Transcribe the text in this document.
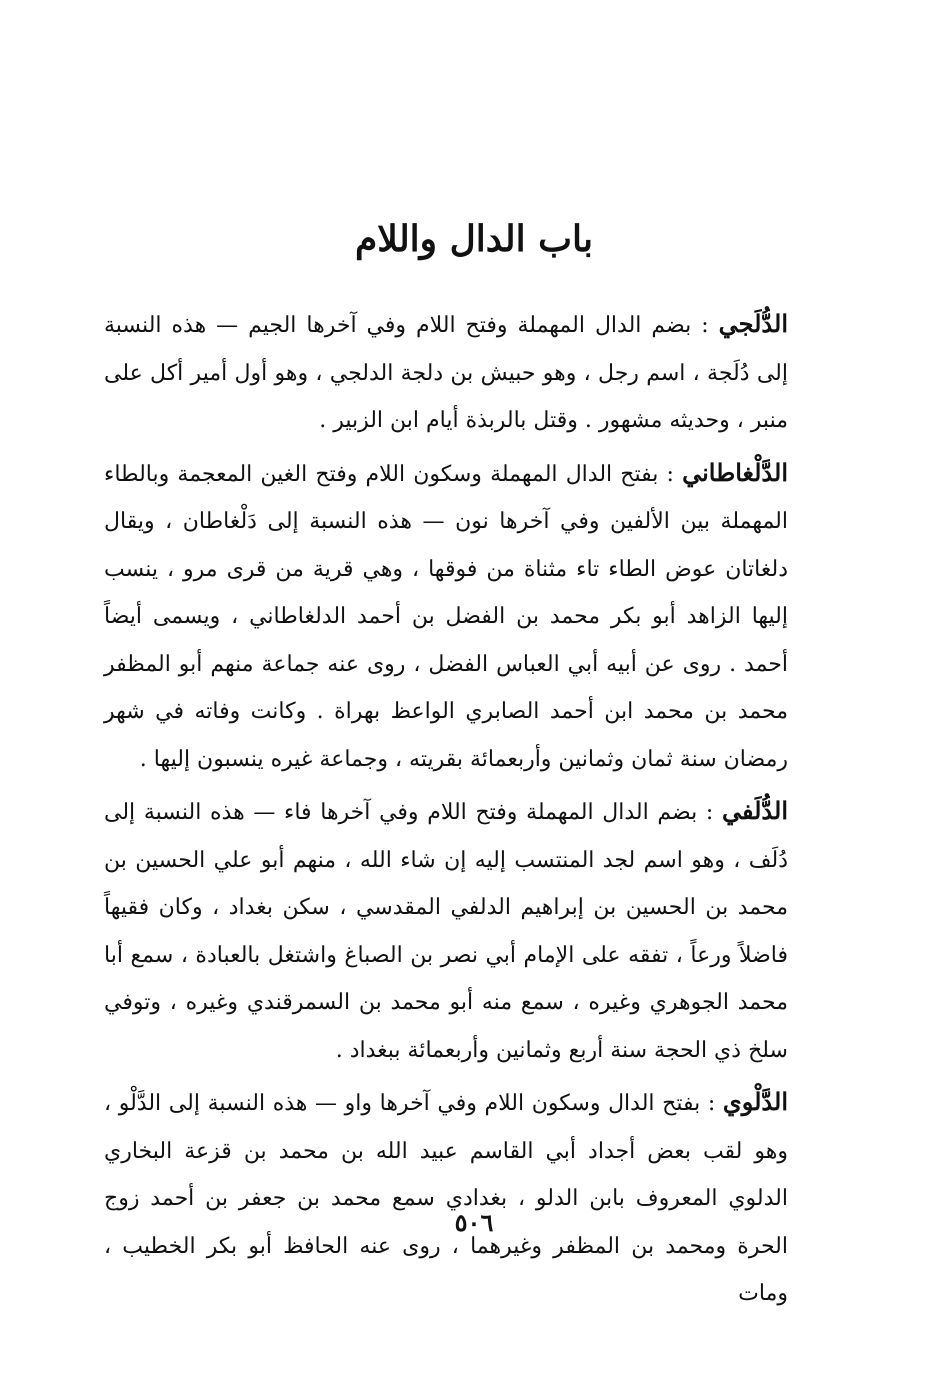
باب الدال واللام

الدُّلَجي : بضم الدال المهملة وفتح اللام وفي آخرها الجيم — هذه النسبة إلى دُلَجة ، اسم رجل ، وهو حبيش بن دلجة الدلجي ، وهو أول أمير أكل على منبر ، وحديثه مشهور . وقتل بالربذة أيام ابن الزبير .

الدَّلْغاطاني : بفتح الدال المهملة وسكون اللام وفتح الغين المعجمة وبالطاء المهملة بين الألفين وفي آخرها نون — هذه النسبة إلى دَلْغاطان ، ويقال دلغاتان عوض الطاء تاء مثناة من فوقها ، وهي قرية من قرى مرو ، ينسب إليها الزاهد أبو بكر محمد بن الفضل بن أحمد الدلغاطاني ، ويسمى أيضاً أحمد . روى عن أبيه أبي العباس الفضل ، روى عنه جماعة منهم أبو المظفر محمد بن محمد ابن أحمد الصابري الواعظ بهراة . وكانت وفاته في شهر رمضان سنة ثمان وثمانين وأربعمائة بقريته ، وجماعة غيره ينسبون إليها .

الدُّلَفي : بضم الدال المهملة وفتح اللام وفي آخرها فاء — هذه النسبة إلى دُلَف ، وهو اسم لجد المنتسب إليه إن شاء الله ، منهم أبو علي الحسين بن محمد بن الحسين بن إبراهيم الدلفي المقدسي ، سكن بغداد ، وكان فقيهاً فاضلاً ورعاً ، تفقه على الإمام أبي نصر بن الصباغ واشتغل بالعبادة ، سمع أبا محمد الجوهري وغيره ، سمع منه أبو محمد بن السمرقندي وغيره ، وتوفي سلخ ذي الحجة سنة أربع وثمانين وأربعمائة ببغداد .

الدَّلْوي : بفتح الدال وسكون اللام وفي آخرها واو — هذه النسبة إلى الدَّلْو ، وهو لقب بعض أجداد أبي القاسم عبيد الله بن محمد بن قزعة البخاري الدلوي المعروف بابن الدلو ، بغدادي سمع محمد بن جعفر بن أحمد زوج الحرة ومحمد بن المظفر وغيرهما ، روى عنه الحافظ أبو بكر الخطيب ، ومات

٥٠٦
